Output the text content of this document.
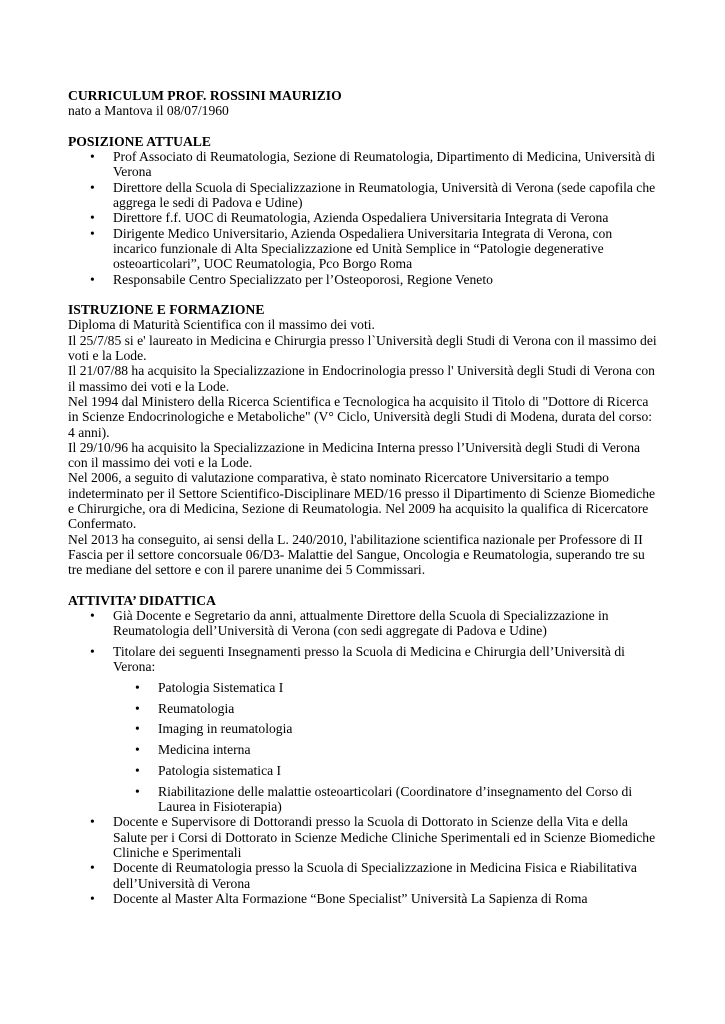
CURRICULUM PROF. ROSSINI MAURIZIO

nato a Mantova il 08/07/1960

POSIZIONE ATTUALE

• Prof Associato di Reumatologia, Sezione di Reumatologia, Dipartimento di Medicina, Università di Verona
• Direttore della Scuola di Specializzazione in Reumatologia, Università di Verona (sede capofila che aggrega le sedi di Padova e Udine)
• Direttore f.f. UOC di Reumatologia, Azienda Ospedaliera Universitaria Integrata di Verona
• Dirigente Medico Universitario, Azienda Ospedaliera Universitaria Integrata di Verona, con incarico funzionale di Alta Specializzazione ed Unità Semplice in “Patologie degenerative osteoarticolari”, UOC Reumatologia, Pco Borgo Roma
• Responsabile Centro Specializzato per l’Osteoporosi, Regione Veneto

ISTRUZIONE E FORMAZIONE

Diploma di Maturità Scientifica con il massimo dei voti.

Il 25/7/85 si e' laureato in Medicina e Chirurgia presso l`Università degli Studi di Verona con il massimo dei voti e la Lode.

Il 21/07/88 ha acquisito la Specializzazione in Endocrinologia presso l' Università degli Studi di Verona con il massimo dei voti e la Lode.

Nel 1994 dal Ministero della Ricerca Scientifica e Tecnologica ha acquisito il Titolo di "Dottore di Ricerca in Scienze Endocrinologiche e Metaboliche" (V° Ciclo, Università degli Studi di Modena, durata del corso: 4 anni).

Il 29/10/96 ha acquisito la Specializzazione in Medicina Interna presso l’Università degli Studi di Verona con il massimo dei voti e la Lode.

Nel 2006, a seguito di valutazione comparativa, è stato nominato Ricercatore Universitario a tempo indeterminato per il Settore Scientifico-Disciplinare MED/16 presso il Dipartimento di Scienze Biomediche e Chirurgiche, ora di Medicina, Sezione di Reumatologia. Nel 2009 ha acquisito la qualifica di Ricercatore Confermato.

Nel 2013 ha conseguito, ai sensi della L. 240/2010, l'abilitazione scientifica nazionale per Professore di II Fascia per il settore concorsuale 06/D3- Malattie del Sangue, Oncologia e Reumatologia, superando tre su tre mediane del settore e con il parere unanime dei 5 Commissari.

ATTIVITA’ DIDATTICA

• Già Docente e Segretario da anni, attualmente Direttore della Scuola di Specializzazione in Reumatologia dell’Università di Verona (con sedi aggregate di Padova e Udine)
• Titolare dei seguenti Insegnamenti presso la Scuola di Medicina e Chirurgia dell’Università di Verona:
• Patologia Sistematica I
• Reumatologia
• Imaging in reumatologia
• Medicina interna
• Patologia sistematica I
• Riabilitazione delle malattie osteoarticolari (Coordinatore d’insegnamento del Corso di Laurea in Fisioterapia)
• Docente e Supervisore di Dottorandi presso la Scuola di Dottorato in Scienze della Vita e della Salute per i Corsi di Dottorato in Scienze Mediche Cliniche Sperimentali ed in Scienze Biomediche Cliniche e Sperimentali
• Docente di Reumatologia presso la Scuola di Specializzazione in Medicina Fisica e Riabilitativa dell’Università di Verona
• Docente al Master Alta Formazione “Bone Specialist” Università La Sapienza di Roma
